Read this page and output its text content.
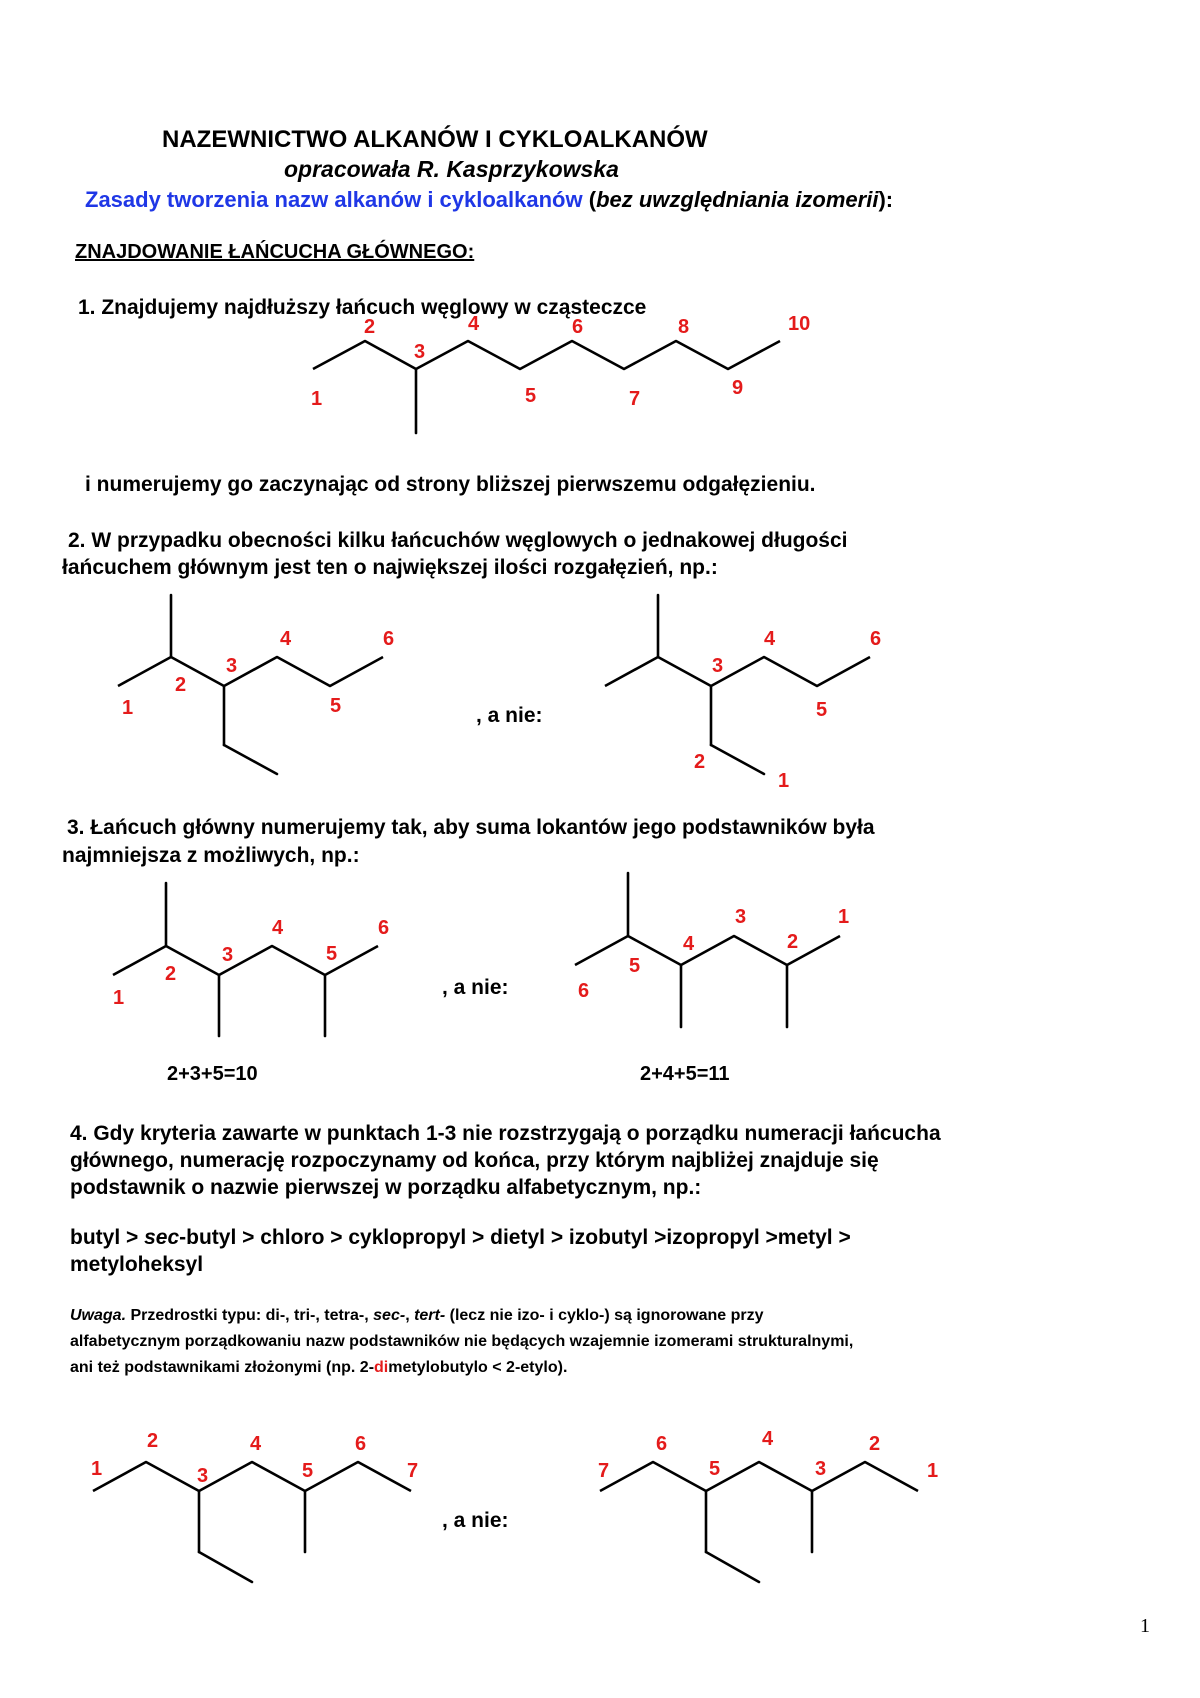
NAZEWNICTWO ALKANÓW I CYKLOALKANÓW
opracowała R. Kasprzykowska
Zasady tworzenia nazw alkanów i cykloalkanów (bez uwzględniania izomerii):
ZNAJDOWANIE ŁAŃCUCHA GŁÓWNEGO:
1. Znajdujemy najdłuższy łańcuch węglowy w cząsteczce
i numerujemy go zaczynając od strony bliższej pierwszemu odgałęzieniu.
2. W przypadku obecności kilku łańcuchów węglowych o jednakowej długości
łańcuchem głównym jest ten o największej ilości rozgałęzień, np.:
, a nie:
3. Łańcuch główny numerujemy tak, aby suma lokantów jego podstawników była
najmniejsza z możliwych, np.:
, a nie:
2+3+5=10	2+4+5=11
4. Gdy kryteria zawarte w punktach 1-3 nie rozstrzygają o porządku numeracji łańcucha
głównego, numerację rozpoczynamy od końca, przy którym najbliżej znajduje się
podstawnik o nazwie pierwszej w porządku alfabetycznym, np.:
butyl > sec-butyl > chloro > cyklopropyl > dietyl > izobutyl >izopropyl >metyl >
metyloheksyl
Uwaga. Przedrostki typu: di-, tri-, tetra-, sec-, tert- (lecz nie izo- i cyklo-) są ignorowane przy
alfabetycznym porządkowaniu nazw podstawników nie będących wzajemnie izomerami strukturalnymi,
ani też podstawnikami złożonymi (np. 2-dimetylobutylo < 2-etylo).
, a nie:
1
1
2
3
4
5
6
7
8
9
10
1
2
3
4
5
6
1
2
3
4
5
6
1
2
3
4
5
6	1
2
3
4
5
6
1
2
3
4
5
6
7	1
2
3
4
5
6
7
